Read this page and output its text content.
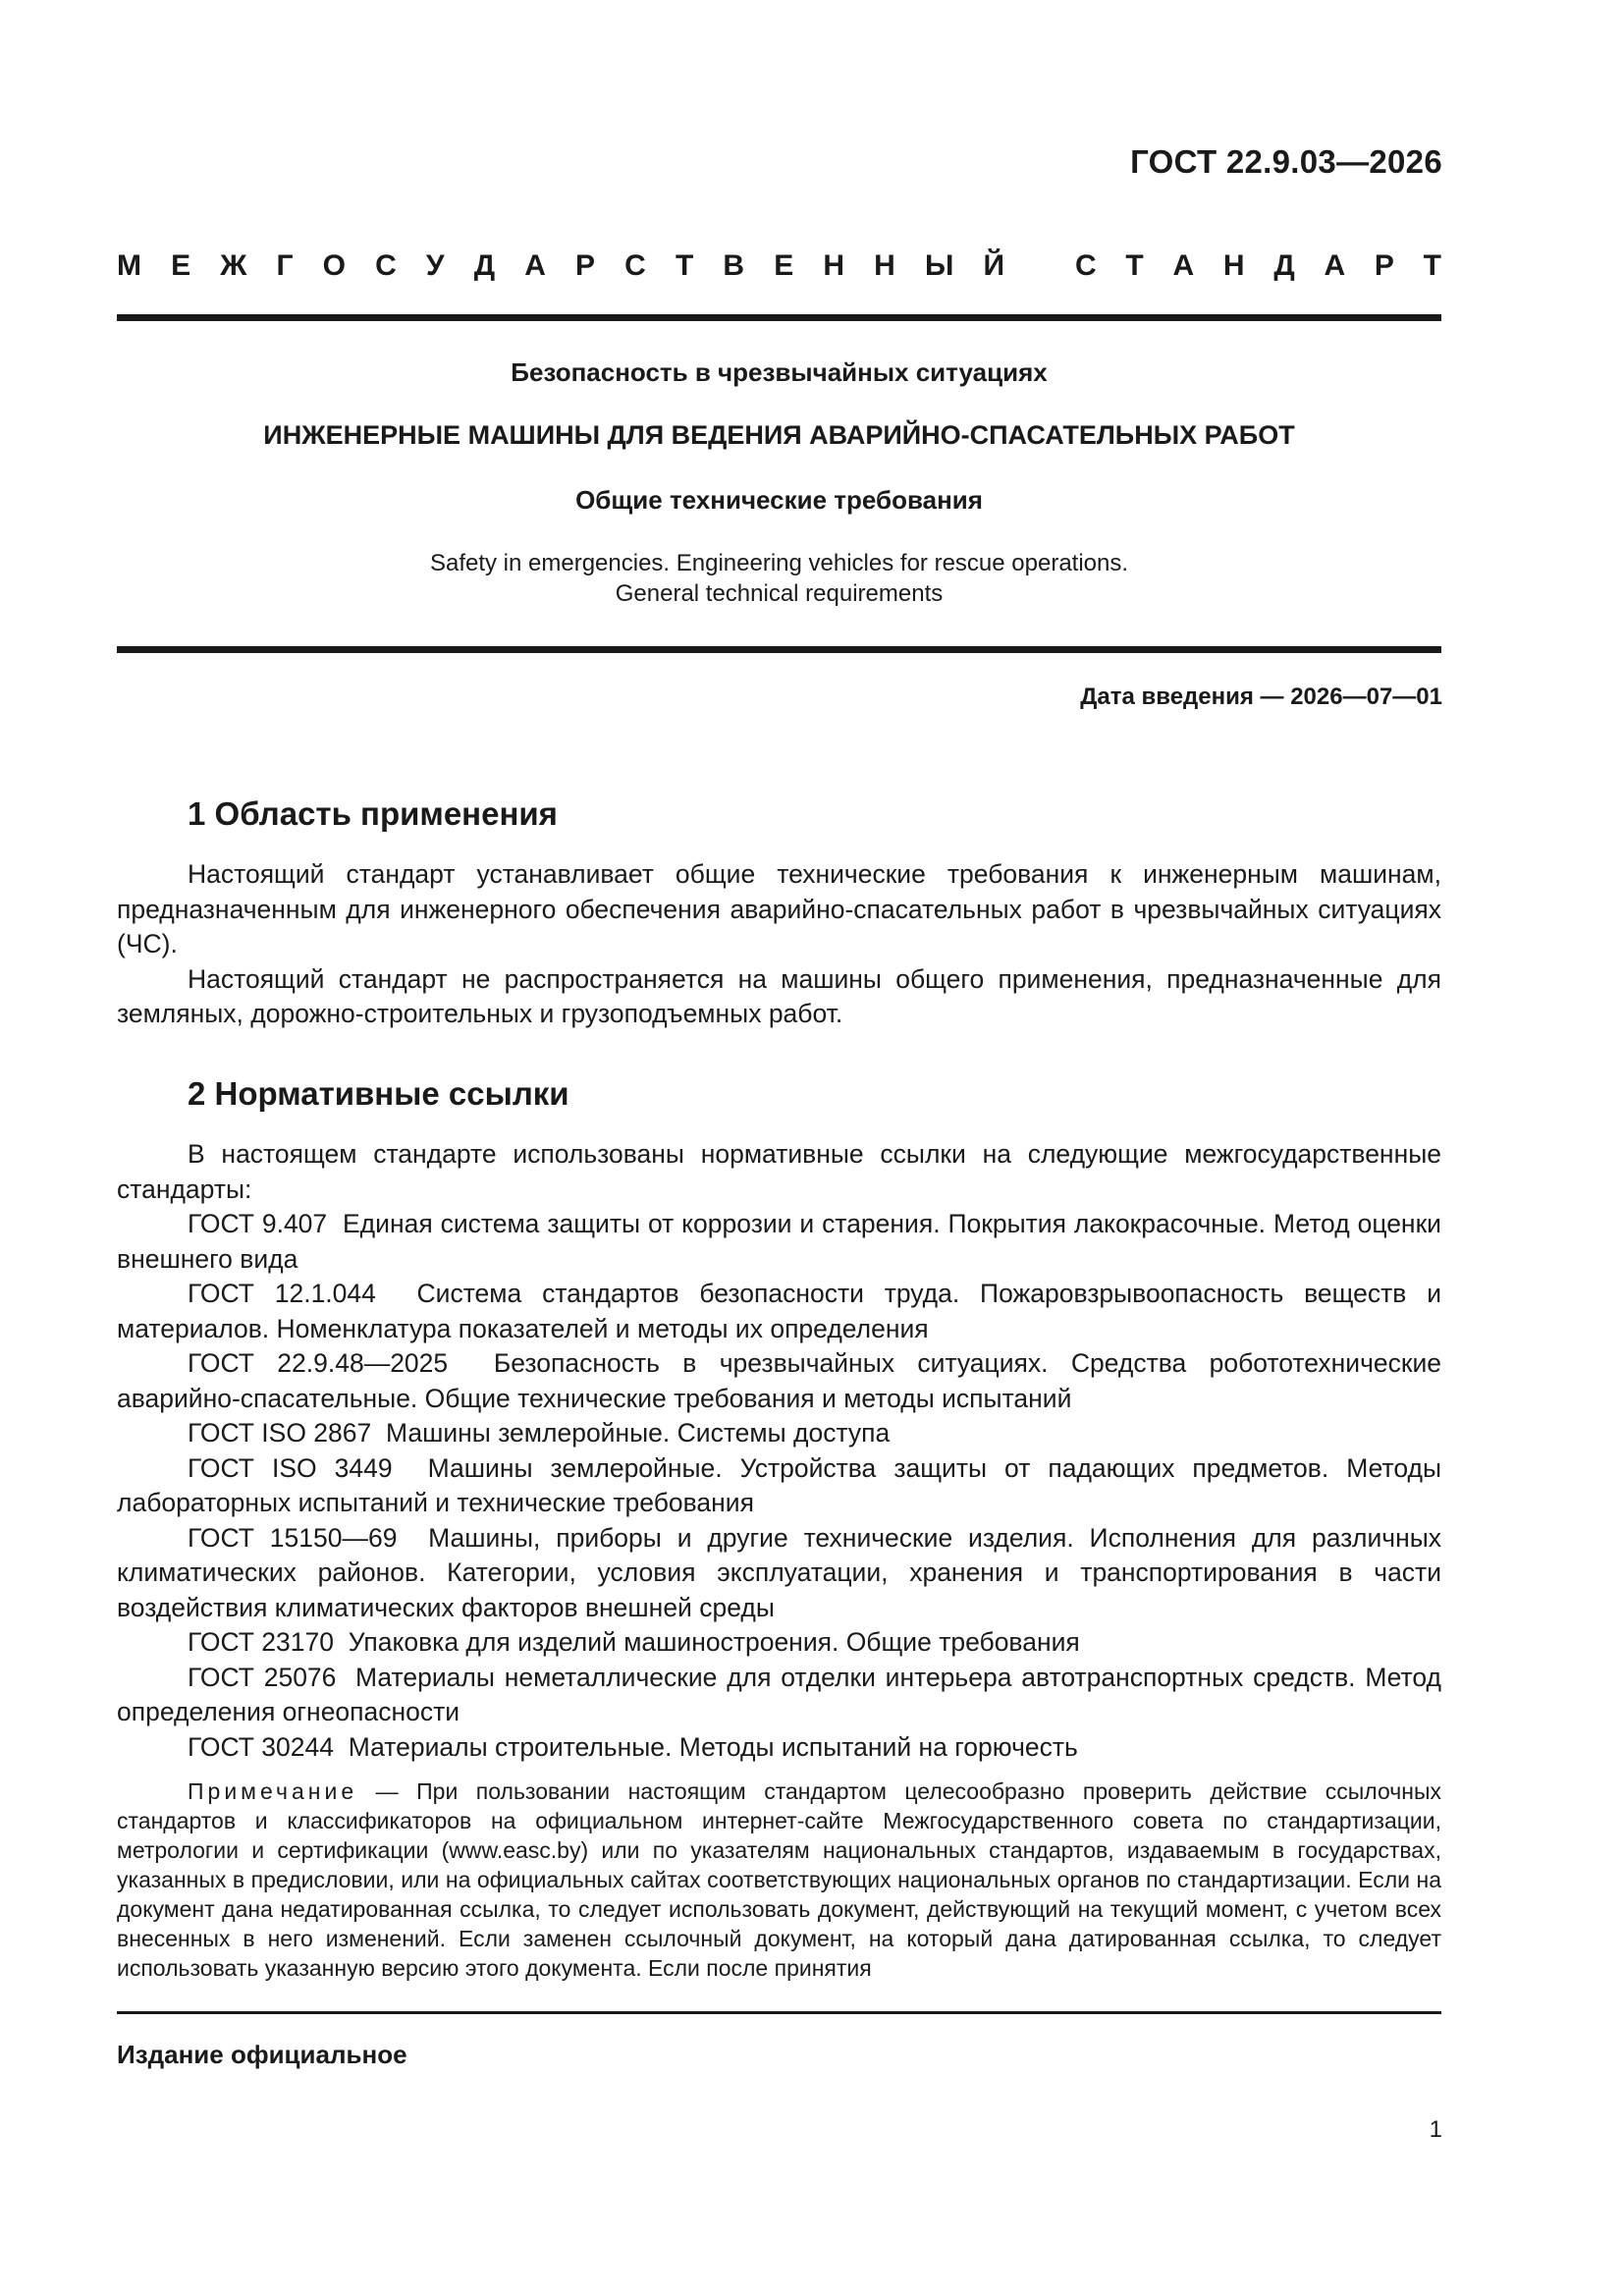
ГОСТ 22.9.03—2026
М Е Ж Г О С У Д А Р С Т В Е Н Н Ы Й С Т А Н Д А Р Т
Безопасность в чрезвычайных ситуациях
ИНЖЕНЕРНЫЕ МАШИНЫ ДЛЯ ВЕДЕНИЯ АВАРИЙНО-СПАСАТЕЛЬНЫХ РАБОТ
Общие технические требования
Safety in emergencies. Engineering vehicles for rescue operations.
General technical requirements
Дата введения — 2026—07—01
1 Область применения

Настоящий стандарт устанавливает общие технические требования к инженерным машинам, предназначенным для инженерного обеспечения аварийно-спасательных работ в чрезвычайных ситуациях (ЧС).

Настоящий стандарт не распространяется на машины общего применения, предназначенные для земляных, дорожно-строительных и грузоподъемных работ.

2 Нормативные ссылки

В настоящем стандарте использованы нормативные ссылки на следующие межгосударственные стандарты:

ГОСТ 9.407 Единая система защиты от коррозии и старения. Покрытия лакокрасочные. Метод оценки внешнего вида

ГОСТ 12.1.044 Система стандартов безопасности труда. Пожаровзрывоопасность веществ и материалов. Номенклатура показателей и методы их определения

ГОСТ 22.9.48—2025 Безопасность в чрезвычайных ситуациях. Средства робототехнические аварийно-спасательные. Общие технические требования и методы испытаний

ГОСТ ISO 2867 Машины землеройные. Системы доступа

ГОСТ ISO 3449 Машины землеройные. Устройства защиты от падающих предметов. Методы лабораторных испытаний и технические требования

ГОСТ 15150—69 Машины, приборы и другие технические изделия. Исполнения для различных климатических районов. Категории, условия эксплуатации, хранения и транспортирования в части воздействия климатических факторов внешней среды

ГОСТ 23170 Упаковка для изделий машиностроения. Общие требования

ГОСТ 25076 Материалы неметаллические для отделки интерьера автотранспортных средств. Метод определения огнеопасности

ГОСТ 30244 Материалы строительные. Методы испытаний на горючесть

Примечание — При пользовании настоящим стандартом целесообразно проверить действие ссылочных стандартов и классификаторов на официальном интернет-сайте Межгосударственного совета по стандартизации, метрологии и сертификации (www.easc.by) или по указателям национальных стандартов, издаваемым в государствах, указанных в предисловии, или на официальных сайтах соответствующих национальных органов по стандартизации. Если на документ дана недатированная ссылка, то следует использовать документ, действующий на текущий момент, с учетом всех внесенных в него изменений. Если заменен ссылочный документ, на который дана датированная ссылка, то следует использовать указанную версию этого документа. Если после принятия
Издание официальное
1
